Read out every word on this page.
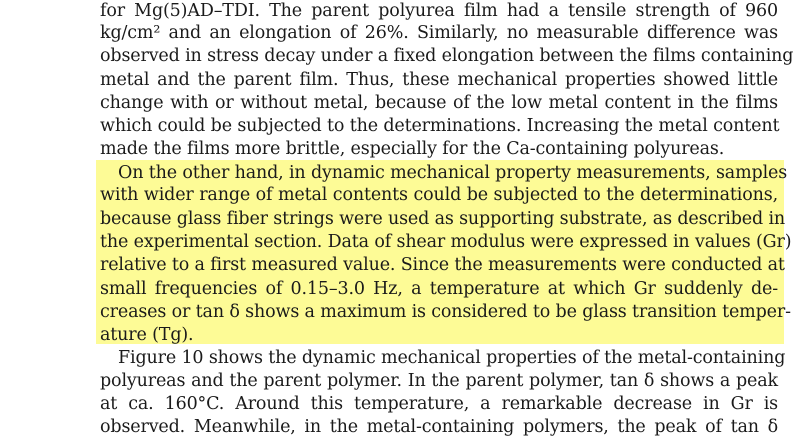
for Mg(5)AD–TDI. The parent polyurea film had a tensile strength of 960
kg/cm² and an elongation of 26%. Similarly, no measurable difference was
observed in stress decay under a fixed elongation between the films containing
metal and the parent film. Thus, these mechanical properties showed little
change with or without metal, because of the low metal content in the films
which could be subjected to the determinations. Increasing the metal content
made the films more brittle, especially for the Ca-containing polyureas.
On the other hand, in dynamic mechanical property measurements, samples
with wider range of metal contents could be subjected to the determinations,
because glass fiber strings were used as supporting substrate, as described in
the experimental section. Data of shear modulus were expressed in values (Gr)
relative to a first measured value. Since the measurements were conducted at
small frequencies of 0.15–3.0 Hz, a temperature at which Gr suddenly de-
creases or tan δ shows a maximum is considered to be glass transition temper-
ature (Tg).
Figure 10 shows the dynamic mechanical properties of the metal-containing
polyureas and the parent polymer. In the parent polymer, tan δ shows a peak
at ca. 160°C. Around this temperature, a remarkable decrease in Gr is
observed. Meanwhile, in the metal-containing polymers, the peak of tan δ
